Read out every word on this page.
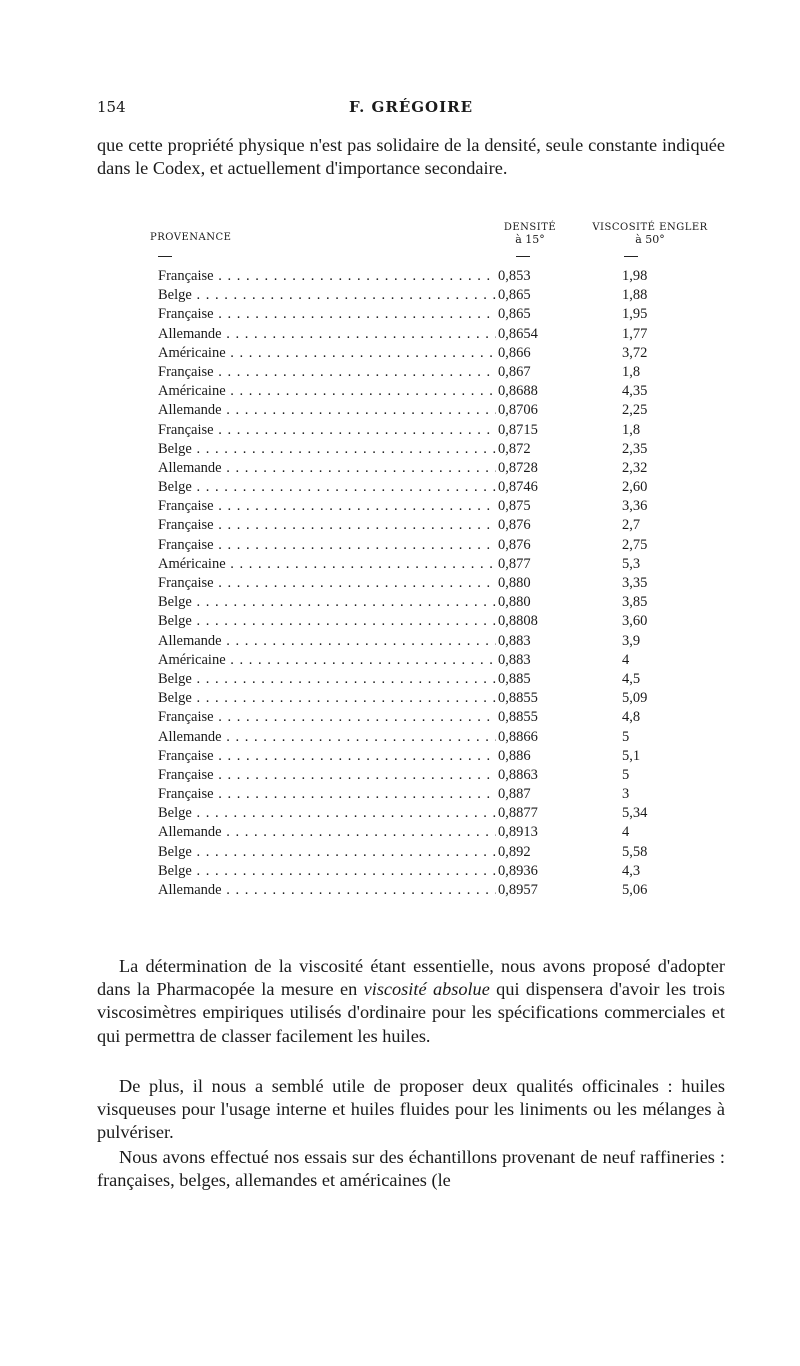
154	F. GRÉGOIRE

que cette propriété physique n'est pas solidaire de la densité, seule constante indiquée dans le Codex, et actuellement d'importance secondaire.

PROVENANCE
DENSITÉ
à 15°
VISCOSITÉ ENGLER
à 50°
Française . . .	0,853	1,98
Belge . . .	0,865	1,88
Française . . .	0,865	1,95
Allemande . . .	0,8654	1,77
Américaine . . .	0,866	3,72
Française . . .	0,867	1,8
Américaine . . .	0,8688	4,35
Allemande . . .	0,8706	2,25
Française . . .	0,8715	1,8
Belge . . .	0,872	2,35
Allemande . . .	0,8728	2,32
Belge . . .	0,8746	2,60
Française . . .	0,875	3,36
Française . . .	0,876	2,7
Française . . .	0,876	2,75
Américaine . . .	0,877	5,3
Française . . .	0,880	3,35
Belge . . .	0,880	3,85
Belge . . .	0,8808	3,60
Allemande . . .	0,883	3,9
Américaine . . .	0,883	4
Belge . . .	0,885	4,5
Belge . . .	0,8855	5,09
Française . . .	0,8855	4,8
Allemande . . .	0,8866	5
Française . . .	0,886	5,1
Française . . .	0,8863	5
Française . . .	0,887	3
Belge . . .	0,8877	5,34
Allemande . . .	0,8913	4
Belge . . .	0,892	5,58
Belge . . .	0,8936	4,3
Allemande . . .	0,8957	5,06

La détermination de la viscosité étant essentielle, nous avons proposé d'adopter dans la Pharmacopée la mesure en viscosité absolue qui dispensera d'avoir les trois viscosimètres empiriques utilisés d'ordinaire pour les spécifications commerciales et qui permettra de classer facilement les huiles.

De plus, il nous a semblé utile de proposer deux qualités officinales : huiles visqueuses pour l'usage interne et huiles fluides pour les liniments ou les mélanges à pulvériser.

Nous avons effectué nos essais sur des échantillons provenant de neuf raffineries : françaises, belges, allemandes et américaines (le
